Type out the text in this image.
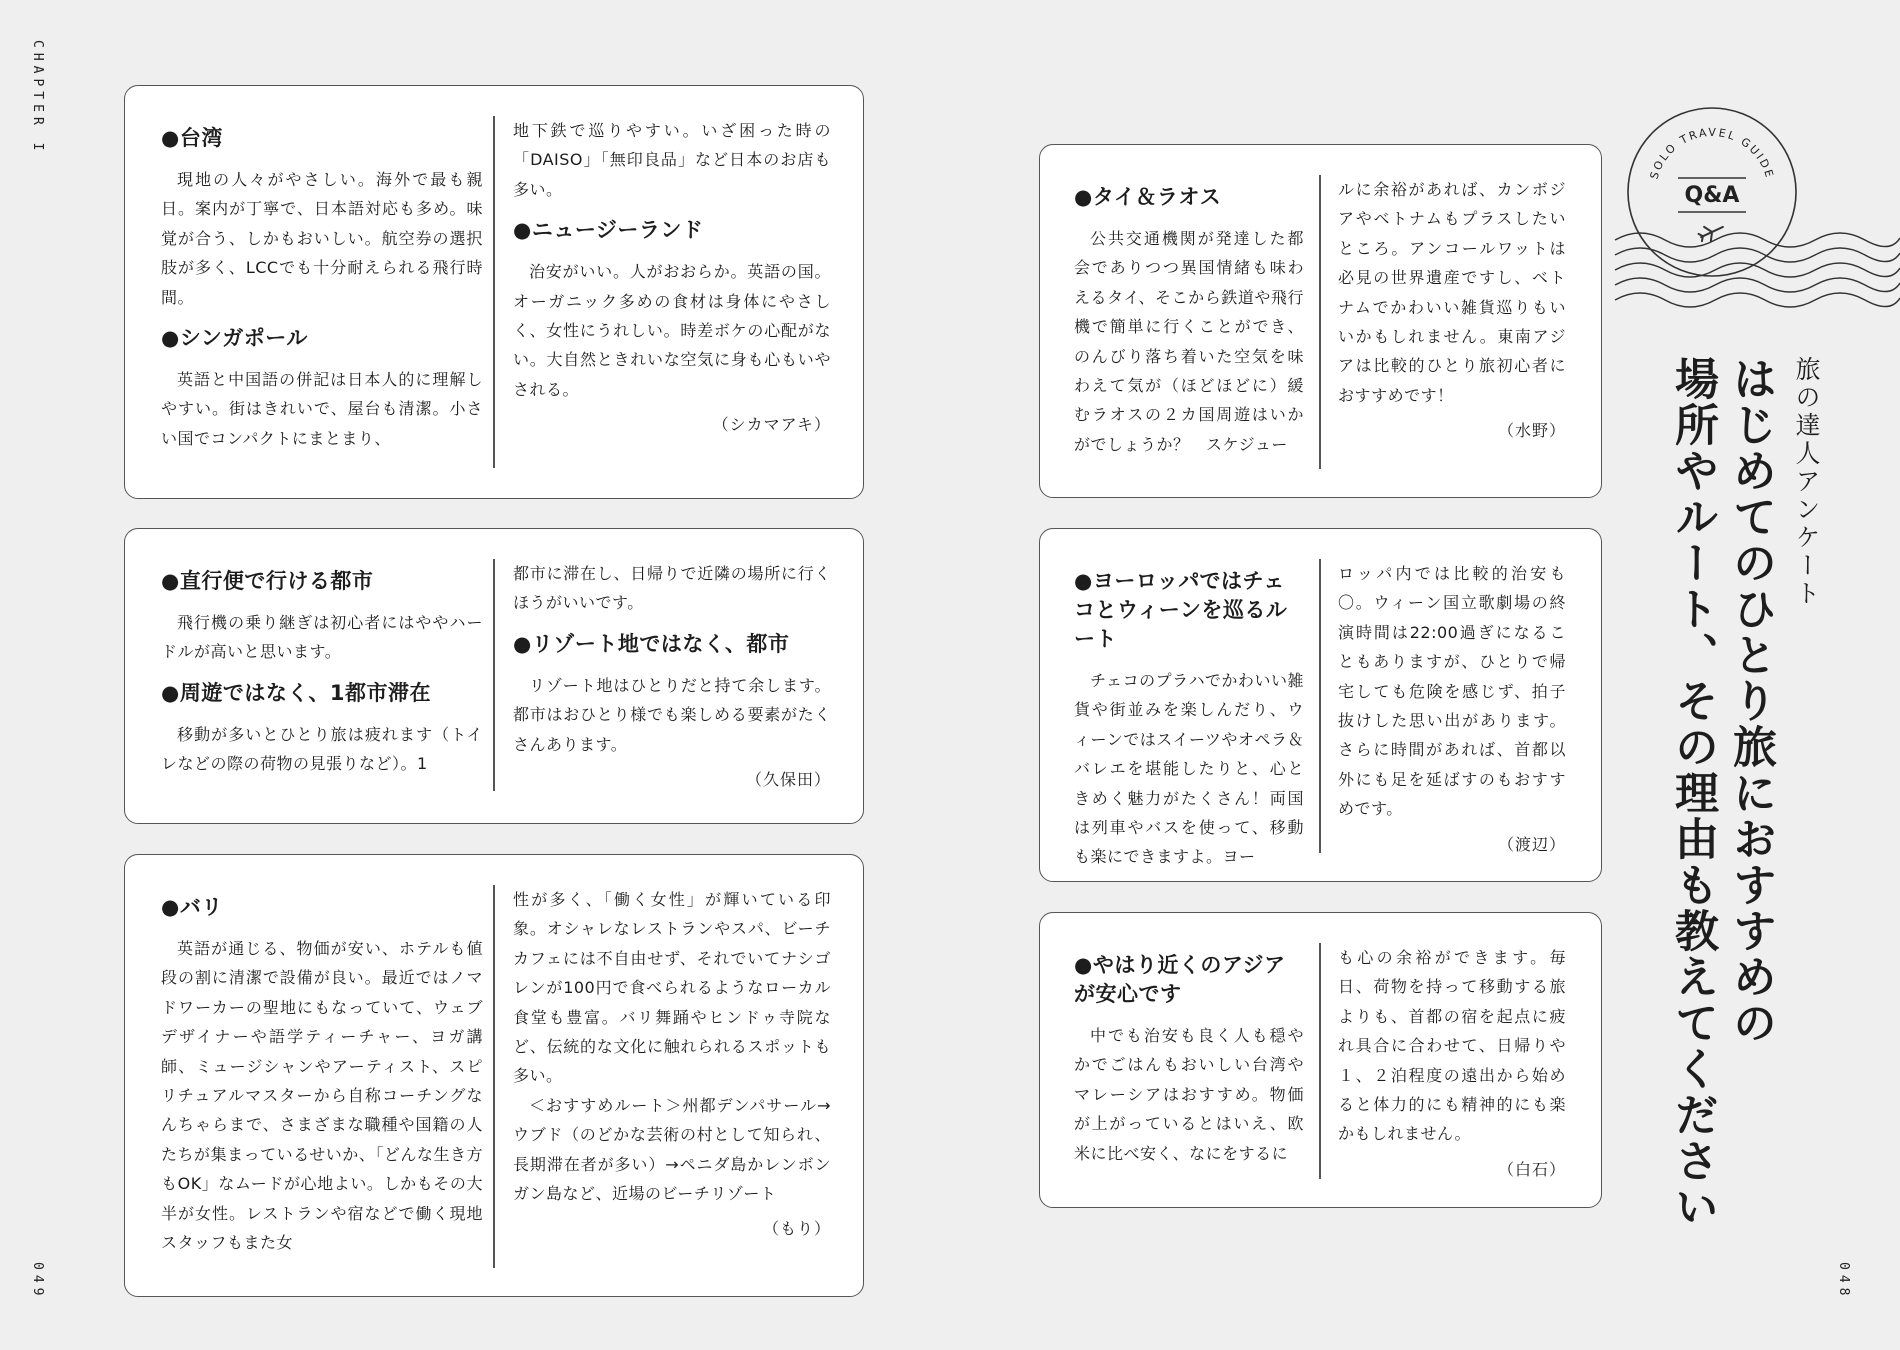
CHAPTER I
049	048
●台湾
現地の人々がやさしい。海外で最も親日。案内が丁寧で、日本語対応も多め。味覚が合う、しかもおいしい。航空券の選択肢が多く、LCCでも十分耐えられる飛行時間。
●シンガポール
英語と中国語の併記は日本人的に理解しやすい。街はきれいで、屋台も清潔。小さい国でコンパクトにまとまり、
地下鉄で巡りやすい。いざ困った時の「DAISO」「無印良品」など日本のお店も多い。
●ニュージーランド
治安がいい。人がおおらか。英語の国。オーガニック多めの食材は身体にやさしく、女性にうれしい。時差ボケの心配がない。大自然ときれいな空気に身も心もいやされる。
（シカマアキ）
●直行便で行ける都市
飛行機の乗り継ぎは初心者にはややハードルが高いと思います。
●周遊ではなく、1都市滞在
移動が多いとひとり旅は疲れます（トイレなどの際の荷物の見張りなど）。1
都市に滞在し、日帰りで近隣の場所に行くほうがいいです。
●リゾート地ではなく、都市
リゾート地はひとりだと持て余します。都市はおひとり様でも楽しめる要素がたくさんあります。
（久保田）
●バリ
英語が通じる、物価が安い、ホテルも値段の割に清潔で設備が良い。最近ではノマドワーカーの聖地にもなっていて、ウェブデザイナーや語学ティーチャー、ヨガ講師、ミュージシャンやアーティスト、スピリチュアルマスターから自称コーチングなんちゃらまで、さまざまな職種や国籍の人たちが集まっているせいか、「どんな生き方もOK」なムードが心地よい。しかもその大半が女性。レストランや宿などで働く現地スタッフもまた女
性が多く、「働く女性」が輝いている印象。オシャレなレストランやスパ、ビーチカフェには不自由せず、それでいてナシゴレンが100円で食べられるようなローカル食堂も豊富。バリ舞踊やヒンドゥ寺院など、伝統的な文化に触れられるスポットも多い。
＜おすすめルート＞州都デンパサール→ウブド（のどかな芸術の村として知られ、長期滞在者が多い）→ペニダ島かレンボンガン島など、近場のビーチリゾート
（もり）
●タイ＆ラオス
公共交通機関が発達した都会でありつつ異国情緒も味わえるタイ、そこから鉄道や飛行機で簡単に行くことができ、のんびり落ち着いた空気を味わえて気が（ほどほどに）緩むラオスの２カ国周遊はいかがでしょうか？　スケジュー
ルに余裕があれば、カンボジアやベトナムもプラスしたいところ。アンコールワットは必見の世界遺産ですし、ベトナムでかわいい雑貨巡りもいいかもしれません。東南アジアは比較的ひとり旅初心者におすすめです！
（水野）
●ヨーロッパではチェコとウィーンを巡るルート
チェコのプラハでかわいい雑貨や街並みを楽しんだり、ウィーンではスイーツやオペラ＆バレエを堪能したりと、心ときめく魅力がたくさん！両国は列車やバスを使って、移動も楽にできますよ。ヨー
ロッパ内では比較的治安も〇。ウィーン国立歌劇場の終演時間は22:00過ぎになることもありますが、ひとりで帰宅しても危険を感じず、拍子抜けした思い出があります。さらに時間があれば、首都以外にも足を延ばすのもおすすめです。
（渡辺）
●やはり近くのアジアが安心です
中でも治安も良く人も穏やかでごはんもおいしい台湾やマレーシアはおすすめ。物価が上がっているとはいえ、欧米に比べ安く、なにをするに
も心の余裕ができます。毎日、荷物を持って移動する旅よりも、首都の宿を起点に疲れ具合に合わせて、日帰りや１、２泊程度の遠出から始めると体力的にも精神的にも楽かもしれません。
（白石）
SOLO TRAVEL GUIDE
Q&A
旅の達人アンケート
はじめてのひとり旅におすすめの
場所やルート、その理由も教えてください
